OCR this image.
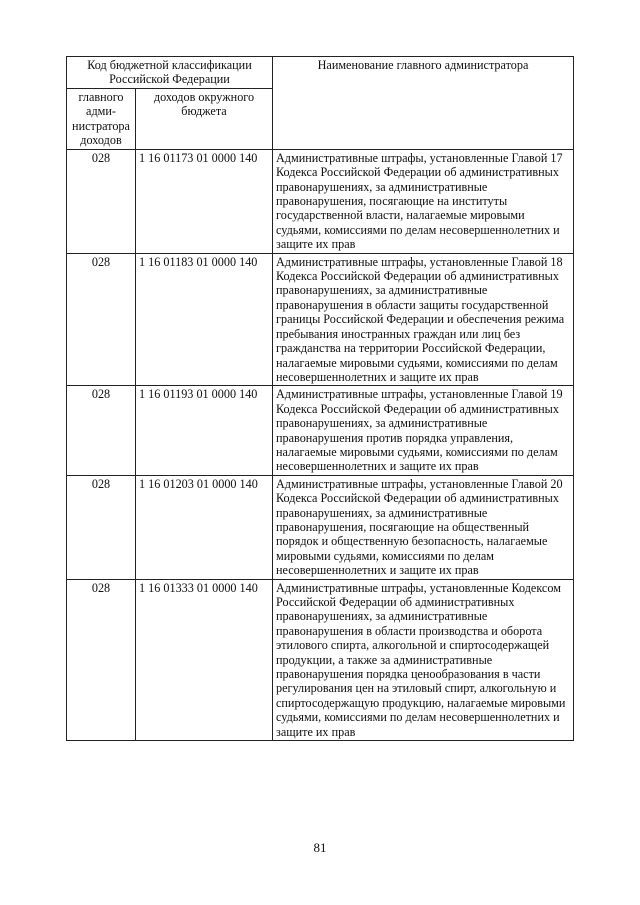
Код бюджетной классификации Российской Федерации		Наименование главного администратора
главного адми-нистратора доходов	доходов окружного бюджета	
028	1 16 01173 01 0000 140	Административные штрафы, установленные Главой 17 Кодекса Российской Федерации об административных правонарушениях, за административные правонарушения, посягающие на институты государственной власти, налагаемые мировыми судьями, комиссиями по делам несовершеннолетних и защите их прав
028	1 16 01183 01 0000 140	Административные штрафы, установленные Главой 18 Кодекса Российской Федерации об административных правонарушениях, за административные правонарушения в области защиты государственной границы Российской Федерации и обеспечения режима пребывания иностранных граждан или лиц без гражданства на территории Российской Федерации, налагаемые мировыми судьями, комиссиями по делам несовершеннолетних и защите их прав
028	1 16 01193 01 0000 140	Административные штрафы, установленные Главой 19 Кодекса Российской Федерации об административных правонарушениях, за административные правонарушения против порядка управления, налагаемые мировыми судьями, комиссиями по делам несовершеннолетних и защите их прав
028	1 16 01203 01 0000 140	Административные штрафы, установленные Главой 20 Кодекса Российской Федерации об административных правонарушениях, за административные правонарушения, посягающие на общественный порядок и общественную безопасность, налагаемые мировыми судьями, комиссиями по делам несовершеннолетних и защите их прав
028	1 16 01333 01 0000 140	Административные штрафы, установленные Кодексом Российской Федерации об административных правонарушениях, за административные правонарушения в области производства и оборота этилового спирта, алкогольной и спиртосодержащей продукции, а также за административные правонарушения порядка ценообразования в части регулирования цен на этиловый спирт, алкогольную и спиртосодержащую продукцию, налагаемые мировыми судьями, комиссиями по делам несовершеннолетних и защите их прав
81
